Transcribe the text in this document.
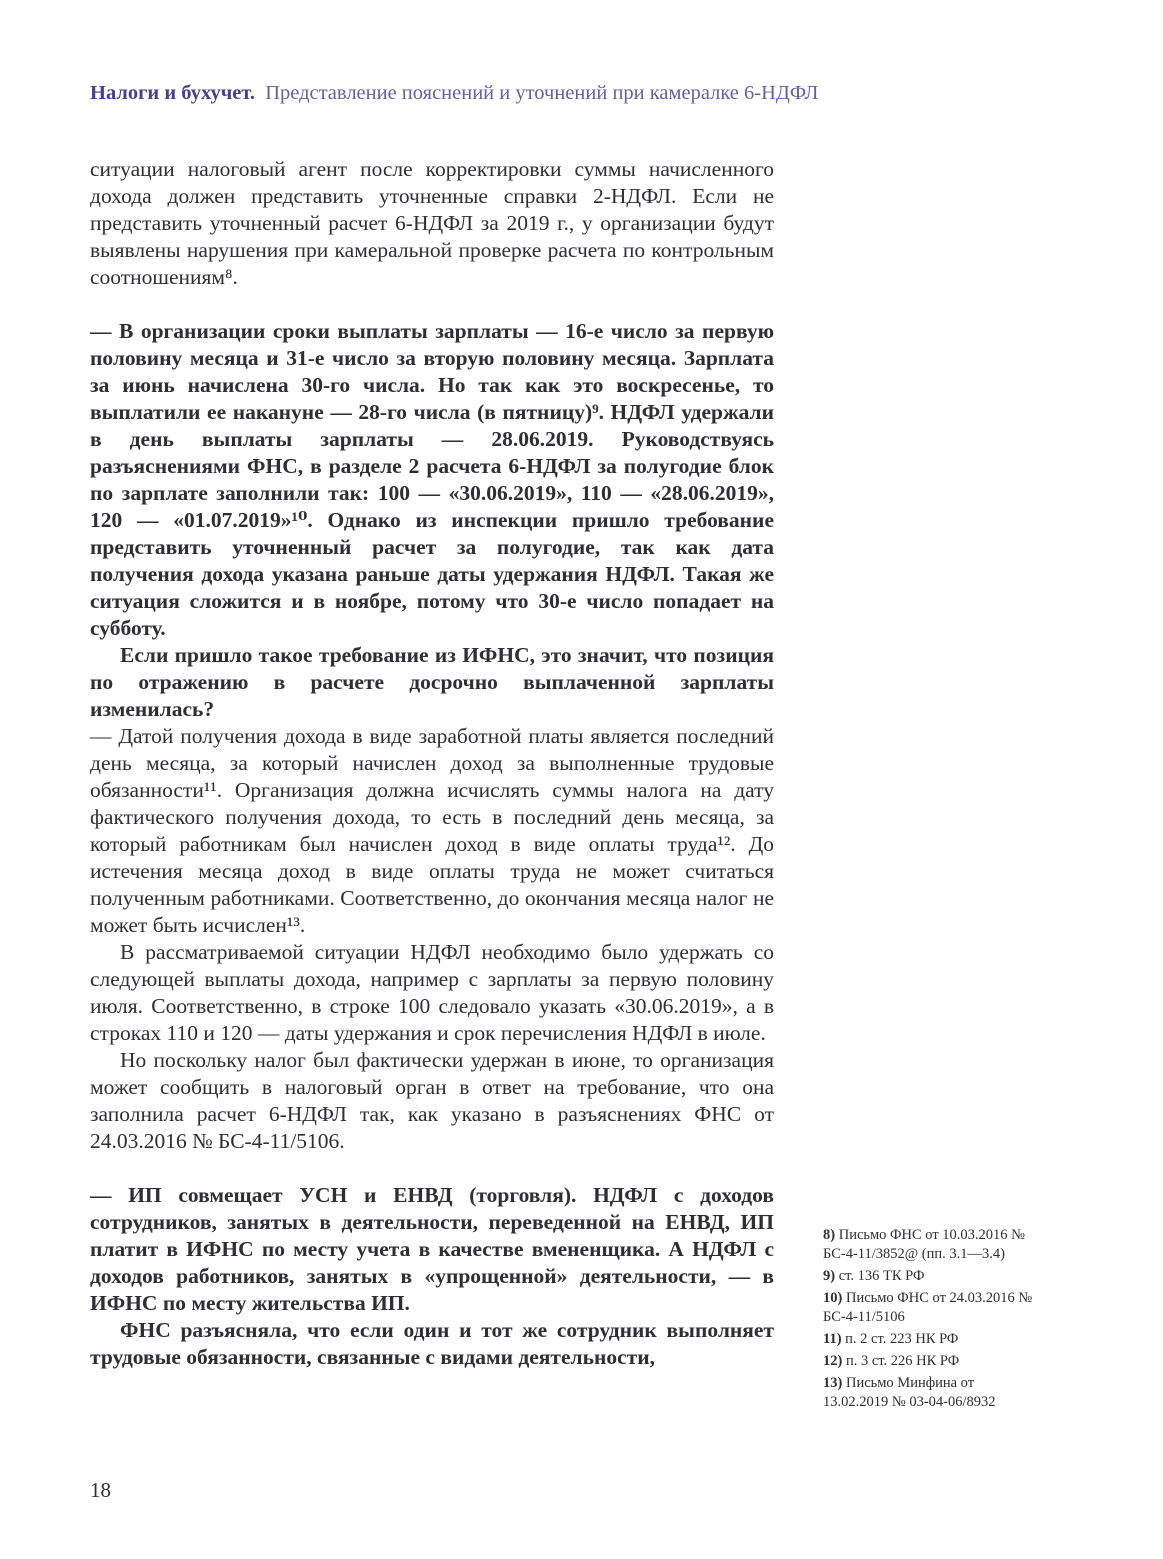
Налоги и бухучет. Представление пояснений и уточнений при камералке 6-НДФЛ

ситуации налоговый агент после корректировки суммы начисленного дохода должен представить уточненные справки 2-НДФЛ. Если не представить уточненный расчет 6-НДФЛ за 2019 г., у организации будут выявлены нарушения при камеральной проверке расчета по контрольным соотношениям⁸.

— В организации сроки выплаты зарплаты — 16-е число за первую половину месяца и 31-е число за вторую половину месяца. Зарплата за июнь начислена 30-го числа. Но так как это воскресенье, то выплатили ее накануне — 28-го числа (в пятницу)⁹. НДФЛ удержали в день выплаты зарплаты — 28.06.2019. Руководствуясь разъяснениями ФНС, в разделе 2 расчета 6-НДФЛ за полугодие блок по зарплате заполнили так: 100 — «30.06.2019», 110 — «28.06.2019», 120 — «01.07.2019»¹⁰. Однако из инспекции пришло требование представить уточненный расчет за полугодие, так как дата получения дохода указана раньше даты удержания НДФЛ. Такая же ситуация сложится и в ноябре, потому что 30-е число попадает на субботу.

Если пришло такое требование из ИФНС, это значит, что позиция по отражению в расчете досрочно выплаченной зарплаты изменилась?

— Датой получения дохода в виде заработной платы является последний день месяца, за который начислен доход за выполненные трудовые обязанности¹¹. Организация должна исчислять суммы налога на дату фактического получения дохода, то есть в последний день месяца, за который работникам был начислен доход в виде оплаты труда¹². До истечения месяца доход в виде оплаты труда не может считаться полученным работниками. Соответственно, до окончания месяца налог не может быть исчислен¹³.

В рассматриваемой ситуации НДФЛ необходимо было удержать со следующей выплаты дохода, например с зарплаты за первую половину июля. Соответственно, в строке 100 следовало указать «30.06.2019», а в строках 110 и 120 — даты удержания и срок перечисления НДФЛ в июле.

Но поскольку налог был фактически удержан в июне, то организация может сообщить в налоговый орган в ответ на требование, что она заполнила расчет 6-НДФЛ так, как указано в разъяснениях ФНС от 24.03.2016 № БС-4-11/5106.

— ИП совмещает УСН и ЕНВД (торговля). НДФЛ с доходов сотрудников, занятых в деятельности, переведенной на ЕНВД, ИП платит в ИФНС по месту учета в качестве вмененщика. А НДФЛ с доходов работников, занятых в «упрощенной» деятельности, — в ИФНС по месту жительства ИП.

ФНС разъясняла, что если один и тот же сотрудник выполняет трудовые обязанности, связанные с видами деятельности,

8) Письмо ФНС от 10.03.2016 № БС-4-11/3852@ (пп. 3.1—3.4)

9) ст. 136 ТК РФ

10) Письмо ФНС от 24.03.2016 № БС-4-11/5106

11) п. 2 ст. 223 НК РФ

12) п. 3 ст. 226 НК РФ

13) Письмо Минфина от 13.02.2019 № 03-04-06/8932

18
